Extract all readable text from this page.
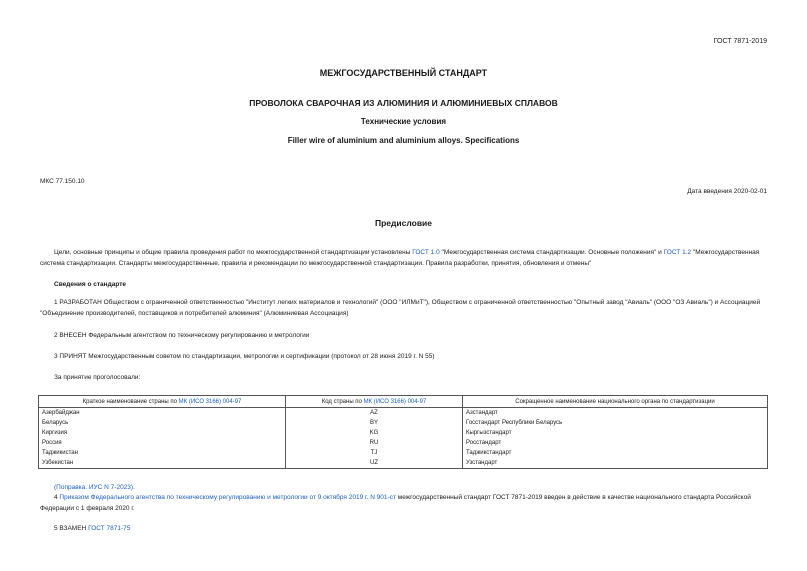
ГОСТ 7871-2019
МЕЖГОСУДАРСТВЕННЫЙ СТАНДАРТ
ПРОВОЛОКА СВАРОЧНАЯ ИЗ АЛЮМИНИЯ И АЛЮМИНИЕВЫХ СПЛАВОВ
Технические условия
Filler wire of aluminium and aluminium alloys. Specifications
МКС 77.150.10
Дата введения 2020-02-01
Предисловие
Цели, основные принципы и общие правила проведения работ по межгосударственной стандартизации установлены ГОСТ 1.0 "Межгосударственная система стандартизации. Основные положения" и ГОСТ 1.2 "Межгосударственная система стандартизации. Стандарты межгосударственные, правила и рекомендации по межгосударственной стандартизации. Правила разработки, принятия, обновления и отмены"
Сведения о стандарте
1 РАЗРАБОТАН Обществом с ограниченной ответственностью "Институт легких материалов и технологий" (ООО "ИЛМиТ"), Обществом с ограниченной ответственностью "Опытный завод "Авиаль" (ООО "ОЗ Авиаль") и Ассоциацией "Объединение производителей, поставщиков и потребителей алюминия" (Алюминиевая Ассоциация)
2 ВНЕСЕН Федеральным агентством по техническому регулированию и метрологии
3 ПРИНЯТ Межгосударственным советом по стандартизации, метрологии и сертификации (протокол от 28 июня 2019 г. N 55)
За принятие проголосовали:
Краткое наименование страны по МК (ИСО 3166) 004-97	Код страны по МК (ИСО 3166) 004-97	Сокращенное наименование национального органа по стандартизации
Азербайджан	AZ	Азстандарт
Беларусь	BY	Госстандарт Республики Беларусь
Киргизия	KG	Кыргызстандарт
Россия	RU	Росстандарт
Таджикистан	TJ	Таджикстандарт
Узбекистан	UZ	Узстандарт
(Поправка. ИУС N 7-2023).
4 Приказом Федерального агентства по техническому регулированию и метрологии от 9 октября 2019 г. N 901-ст межгосударственный стандарт ГОСТ 7871-2019 введен в действие в качестве национального стандарта Российской Федерации с 1 февраля 2020 г.
5 ВЗАМЕН ГОСТ 7871-75
